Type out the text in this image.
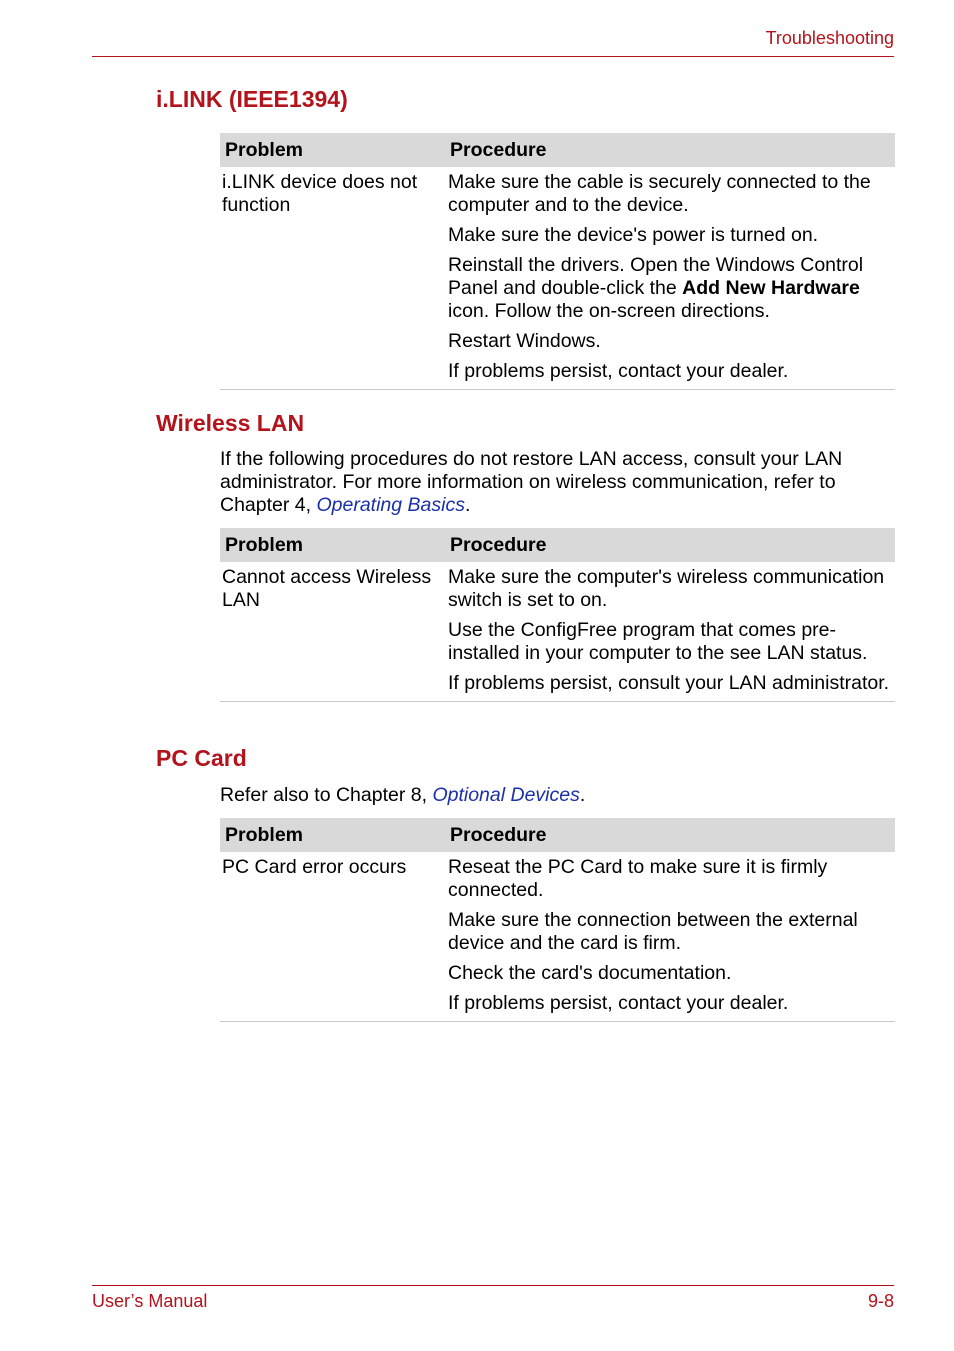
Troubleshooting
i.LINK (IEEE1394)
Problem	Procedure
i.LINK device does not function	Make sure the cable is securely connected to the computer and to the device.
Make sure the device's power is turned on.
Reinstall the drivers. Open the Windows Control Panel and double-click the Add New Hardware icon. Follow the on-screen directions.
Restart Windows.
If problems persist, contact your dealer.
Wireless LAN
If the following procedures do not restore LAN access, consult your LAN administrator. For more information on wireless communication, refer to Chapter 4, Operating Basics.
Problem	Procedure
Cannot access Wireless LAN	Make sure the computer's wireless communication switch is set to on.
Use the ConfigFree program that comes pre-installed in your computer to the see LAN status.
If problems persist, consult your LAN administrator.
PC Card
Refer also to Chapter 8, Optional Devices.
Problem	Procedure
PC Card error occurs	Reseat the PC Card to make sure it is firmly connected.
Make sure the connection between the external device and the card is firm.
Check the card's documentation.
If problems persist, contact your dealer.
User’s Manual	9-8
